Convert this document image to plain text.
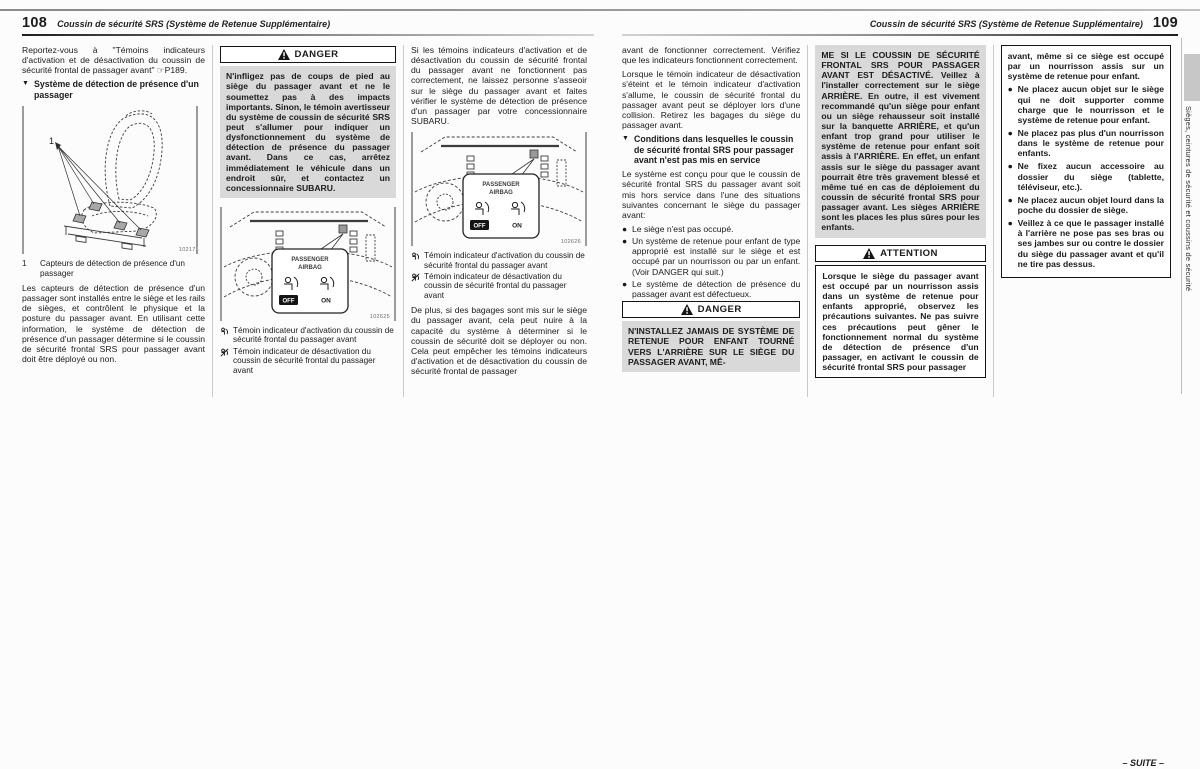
108 Coussin de sécurité SRS (Système de Retenue Supplémentaire)
Reportez-vous à "Témoins indicateurs d'activation et de désactivation du coussin de sécurité frontal de passager avant" ☞P189.
▼ Système de détection de présence d'un passager
1
102171
1	Capteurs de détection de présence d'un passager
Les capteurs de détection de présence d'un passager sont installés entre le siège et les rails de sièges, et contrôlent le physique et la posture du passager avant. En utilisant cette information, le système de détection de présence d'un passager détermine si le coussin de sécurité frontal SRS pour passager avant doit être déployé ou non.
DANGER
N'infligez pas de coups de pied au siège du passager avant et ne le soumettez pas à des impacts importants. Sinon, le témoin avertisseur du système de coussin de sécurité SRS peut s'allumer pour indiquer un dysfonctionnement du système de détection de présence du passager avant. Dans ce cas, arrêtez immédiatement le véhicule dans un endroit sûr, et contactez un concessionnaire SUBARU.
PASSENGER
AIRBAG
OFF	ON
102625
Témoin indicateur d'activation du coussin de sécurité frontal du passager avant
Témoin indicateur de désactivation du coussin de sécurité frontal du passager avant
Si les témoins indicateurs d'activation et de désactivation du coussin de sécurité frontal du passager avant ne fonctionnent pas correctement, ne laissez personne s'asseoir sur le siège du passager avant et faites vérifier le système de détection de présence d'un passager par votre concessionnaire SUBARU.
PASSENGER
AIRBAG
OFF	ON
102626
Témoin indicateur d'activation du coussin de sécurité frontal du passager avant
Témoin indicateur de désactivation du coussin de sécurité frontal du passager avant
De plus, si des bagages sont mis sur le siège du passager avant, cela peut nuire à la capacité du système à déterminer si le coussin de sécurité doit se déployer ou non. Cela peut empêcher les témoins indicateurs d'activation et de désactivation du coussin de sécurité frontal de passager
Coussin de sécurité SRS (Système de Retenue Supplémentaire) 109
avant de fonctionner correctement. Vérifiez que les indicateurs fonctionnent correctement.
Lorsque le témoin indicateur de désactivation s'éteint et le témoin indicateur d'activation s'allume, le coussin de sécurité frontal du passager avant peut se déployer lors d'une collision. Retirez les bagages du siège du passager avant.
▼ Conditions dans lesquelles le coussin de sécurité frontal SRS pour passager avant n'est pas mis en service
Le système est conçu pour que le coussin de sécurité frontal SRS du passager avant soit mis hors service dans l'une des situations suivantes concernant le siège du passager avant:
● Le siège n'est pas occupé.
● Un système de retenue pour enfant de type approprié est installé sur le siège et est occupé par un nourrisson ou par un enfant. (Voir DANGER qui suit.)
● Le système de détection de présence du passager avant est défectueux.
DANGER
N'INSTALLEZ JAMAIS DE SYSTÈME DE RETENUE POUR ENFANT TOURNÉ VERS L'ARRIÈRE SUR LE SIÈGE DU PASSAGER AVANT, MÊ-
ME SI LE COUSSIN DE SÉCURITÉ FRONTAL SRS POUR PASSAGER AVANT EST DÉSACTIVÉ. Veillez à l'installer correctement sur le siège ARRIÈRE. En outre, il est vivement recommandé qu'un siège pour enfant ou un siège rehausseur soit installé sur la banquette ARRIÈRE, et qu'un enfant trop grand pour utiliser le système de retenue pour enfant soit assis à l'ARRIÈRE. En effet, un enfant assis sur le siège du passager avant pourrait être très gravement blessé et même tué en cas de déploiement du coussin de sécurité frontal SRS pour passager avant. Les sièges ARRIÈRE sont les places les plus sûres pour les enfants.
ATTENTION
Lorsque le siège du passager avant est occupé par un nourrisson assis dans un système de retenue pour enfants approprié, observez les précautions suivantes. Ne pas suivre ces précautions peut gêner le fonctionnement normal du système de détection de présence d'un passager, en activant le coussin de sécurité frontal SRS pour passager
avant, même si ce siège est occupé par un nourrisson assis sur un système de retenue pour enfant.
● Ne placez aucun objet sur le siège qui ne doit supporter comme charge que le nourrisson et le système de retenue pour enfant.
● Ne placez pas plus d'un nourrisson dans le système de retenue pour enfants.
● Ne fixez aucun accessoire au dossier du siège (tablette, téléviseur, etc.).
● Ne placez aucun objet lourd dans la poche du dossier de siège.
● Veillez à ce que le passager installé à l'arrière ne pose pas ses bras ou ses jambes sur ou contre le dossier du siège du passager avant et qu'il ne tire pas dessus.
– SUITE –
Sièges, ceintures de sécurité et coussins de sécurité
